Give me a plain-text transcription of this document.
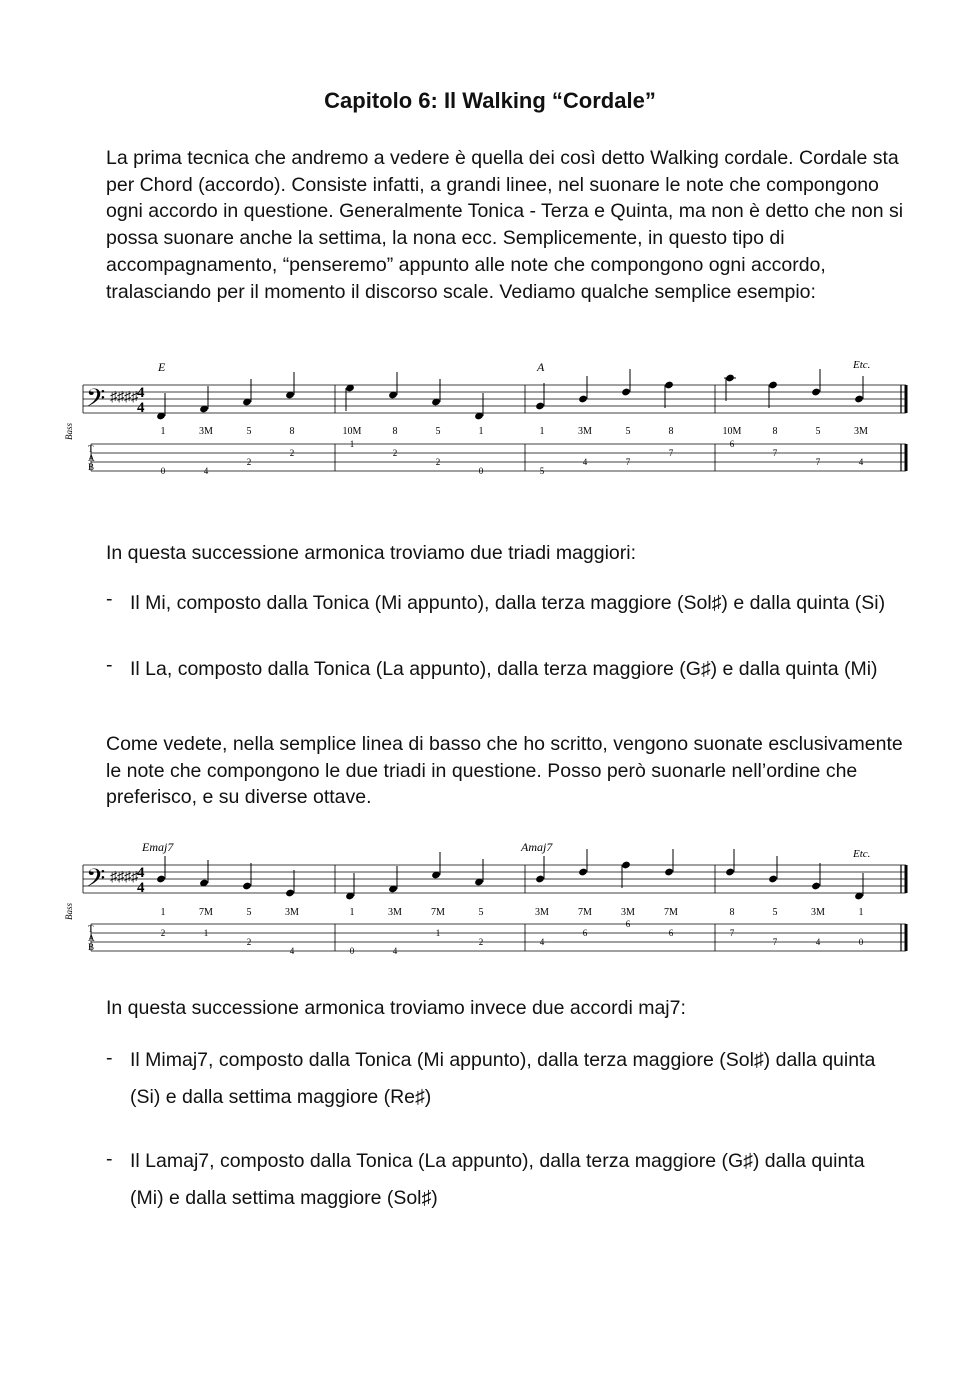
Capitolo 6: Il Walking “Cordale”
La prima tecnica che andremo a vedere è quella dei così detto Walking cordale. Cordale sta per Chord (accordo). Consiste infatti, a grandi linee, nel suonare le note che compongono ogni accordo in questione. Generalmente Tonica - Terza e Quinta, ma non è detto che non si possa suonare anche la settima, la nona ecc. Semplicemente, in questo tipo di accompagnamento, “penseremo” appunto alle note che compongono ogni accordo, tralasciando per il momento il discorso scale. Vediamo qualche semplice esempio:
𝄢 ♯♯♯♯ 4
4
T
A
B
Bass
E	A	Etc.
1	3M	5	8	10M	8	5	1	1	3M	5	8	10M	8	5	3M
0	4
2
2
1
2
2
0	5
4	7
7
6
7
7	4
In questa successione armonica troviamo due triadi maggiori:
- Il Mi, composto dalla Tonica (Mi appunto), dalla terza maggiore (Sol♯) e dalla quinta (Si)
- Il La, composto dalla Tonica (La appunto), dalla terza maggiore (G♯) e dalla quinta (Mi)
Come vedete, nella semplice linea di basso che ho scritto, vengono suonate esclusivamente le note che compongono le due triadi in questione. Posso però suonarle nell’ordine che preferisco, e su diverse ottave.
𝄢 ♯♯♯♯ 4
4
T
A
B
Bass
Emaj7	Amaj7	Etc.
1	7M	5	3M	1	3M	7M	5	3M	7M	3M	7M	8	5	3M	1
2	1
2
4	0	4
1
2	4
6
6
6	7
7	4	0
In questa successione armonica troviamo invece due accordi maj7:
- Il Mimaj7, composto dalla Tonica (Mi appunto), dalla terza maggiore (Sol♯) dalla quinta (Si) e dalla settima maggiore (Re♯)
- Il Lamaj7, composto dalla Tonica (La appunto), dalla terza maggiore (G♯) dalla quinta (Mi) e dalla settima maggiore (Sol♯)
